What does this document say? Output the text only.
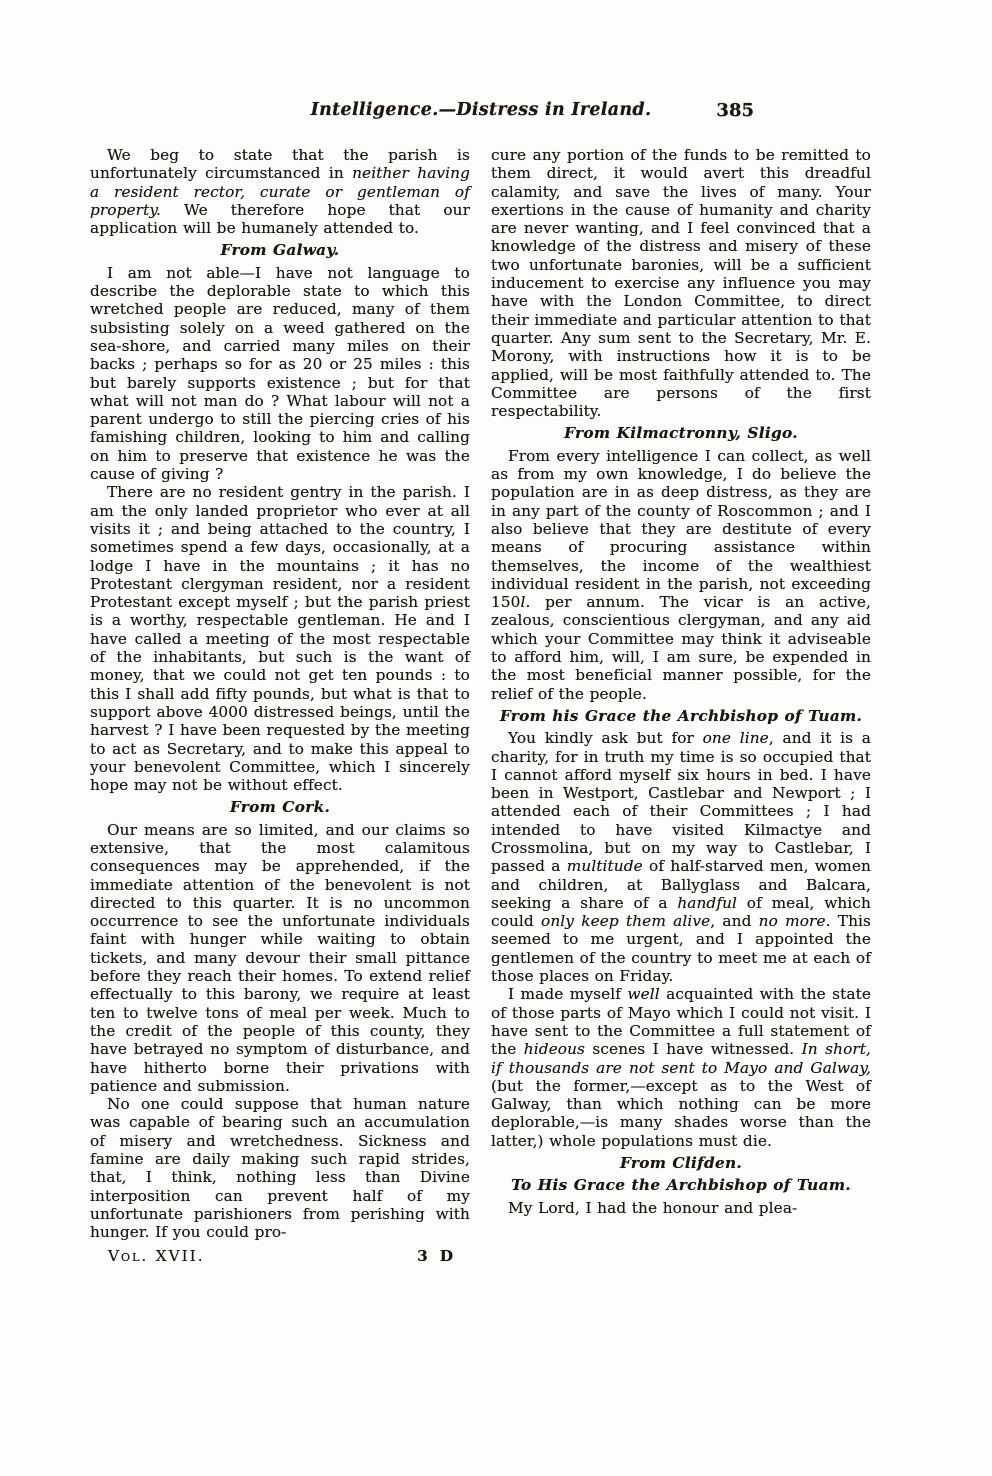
Intelligence.—Distress in Ireland.	385

We beg to state that the parish is unfortunately circumstanced in neither having a resident rector, curate or gentleman of property. We therefore hope that our application will be humanely attended to.

From Galway.

I am not able—I have not language to describe the deplorable state to which this wretched people are reduced, many of them subsisting solely on a weed gathered on the sea-shore, and carried many miles on their backs ; perhaps so for as 20 or 25 miles : this but barely supports existence ; but for that what will not man do ? What labour will not a parent undergo to still the piercing cries of his famishing children, looking to him and calling on him to preserve that existence he was the cause of giving ?

There are no resident gentry in the parish. I am the only landed proprietor who ever at all visits it ; and being attached to the country, I sometimes spend a few days, occasionally, at a lodge I have in the mountains ; it has no Protestant clergyman resident, nor a resident Protestant except myself ; but the parish priest is a worthy, respectable gentleman. He and I have called a meeting of the most respectable of the inhabitants, but such is the want of money, that we could not get ten pounds : to this I shall add fifty pounds, but what is that to support above 4000 distressed beings, until the harvest ? I have been requested by the meeting to act as Secretary, and to make this appeal to your benevolent Committee, which I sincerely hope may not be without effect.

From Cork.

Our means are so limited, and our claims so extensive, that the most calamitous consequences may be apprehended, if the immediate attention of the benevolent is not directed to this quarter. It is no uncommon occurrence to see the unfortunate individuals faint with hunger while waiting to obtain tickets, and many devour their small pittance before they reach their homes. To extend relief effectually to this barony, we require at least ten to twelve tons of meal per week. Much to the credit of the people of this county, they have betrayed no symptom of disturbance, and have hitherto borne their privations with patience and submission.

No one could suppose that human nature was capable of bearing such an accumulation of misery and wretchedness. Sickness and famine are daily making such rapid strides, that, I think, nothing less than Divine interposition can prevent half of my unfortunate parishioners from perishing with hunger. If you could pro-

Vol. XVII.	3 D

cure any portion of the funds to be remitted to them direct, it would avert this dreadful calamity, and save the lives of many. Your exertions in the cause of humanity and charity are never wanting, and I feel convinced that a knowledge of the distress and misery of these two unfortunate baronies, will be a sufficient inducement to exercise any influence you may have with the London Committee, to direct their immediate and particular attention to that quarter. Any sum sent to the Secretary, Mr. E. Morony, with instructions how it is to be applied, will be most faithfully attended to. The Committee are persons of the first respectability.

From Kilmactronny, Sligo.

From every intelligence I can collect, as well as from my own knowledge, I do believe the population are in as deep distress, as they are in any part of the county of Roscommon ; and I also believe that they are destitute of every means of procuring assistance within themselves, the income of the wealthiest individual resident in the parish, not exceeding 150l. per annum. The vicar is an active, zealous, conscientious clergyman, and any aid which your Committee may think it adviseable to afford him, will, I am sure, be expended in the most beneficial manner possible, for the relief of the people.

From his Grace the Archbishop of Tuam.

You kindly ask but for one line, and it is a charity, for in truth my time is so occupied that I cannot afford myself six hours in bed. I have been in Westport, Castlebar and Newport ; I attended each of their Committees ; I had intended to have visited Kilmactye and Crossmolina, but on my way to Castlebar, I passed a multitude of half-starved men, women and children, at Ballyglass and Balcara, seeking a share of a handful of meal, which could only keep them alive, and no more. This seemed to me urgent, and I appointed the gentlemen of the country to meet me at each of those places on Friday.

I made myself well acquainted with the state of those parts of Mayo which I could not visit. I have sent to the Committee a full statement of the hideous scenes I have witnessed. In short, if thousands are not sent to Mayo and Galway, (but the former,—except as to the West of Galway, than which nothing can be more deplorable,—is many shades worse than the latter,) whole populations must die.

From Clifden.

To His Grace the Archbishop of Tuam.

My Lord, I had the honour and plea-
